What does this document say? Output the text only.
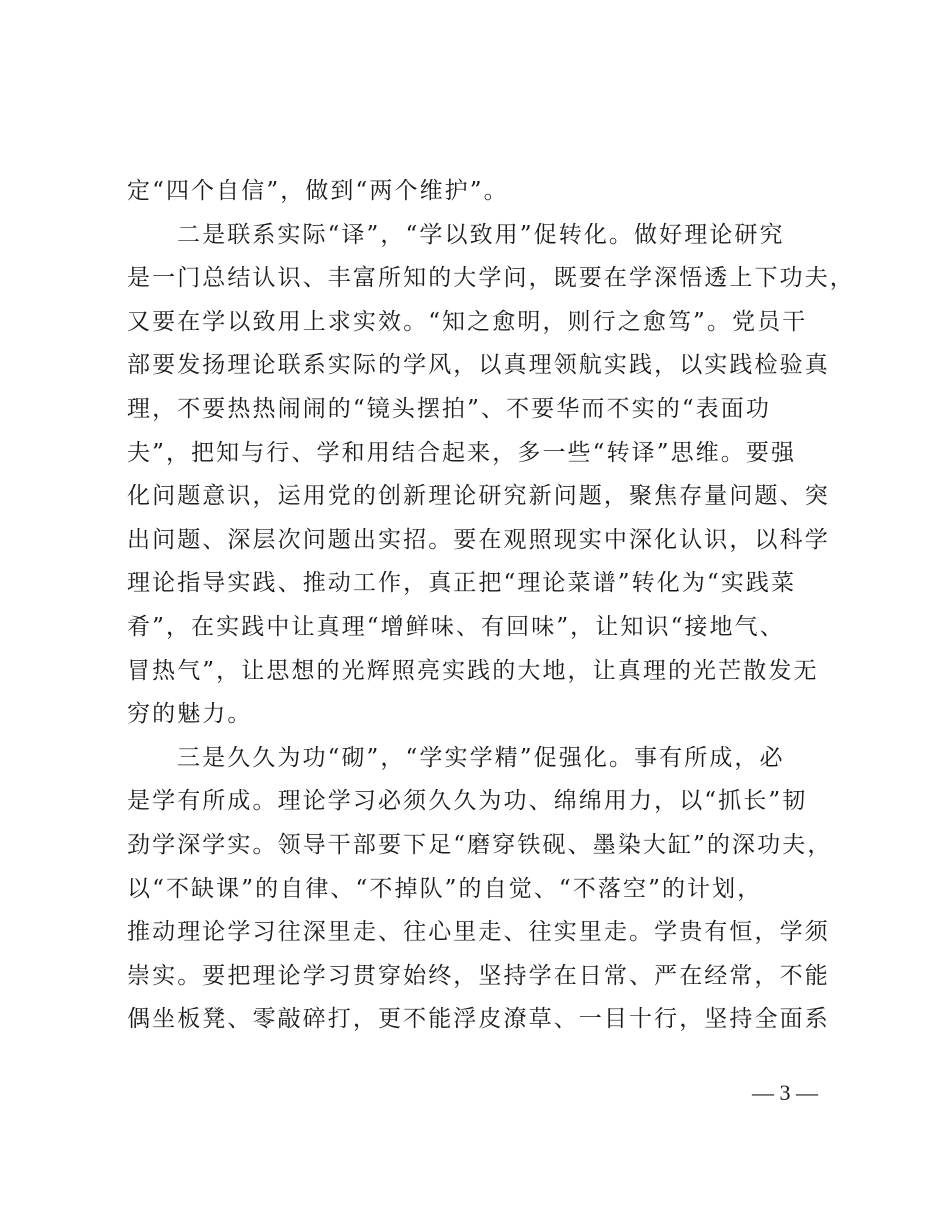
定“四个自信”，做到“两个维护”。
二是联系实际“译”，“学以致用”促转化。做好理论研究
是一门总结认识、丰富所知的大学问，既要在学深悟透上下功夫，
又要在学以致用上求实效。“知之愈明，则行之愈笃”。党员干
部要发扬理论联系实际的学风，以真理领航实践，以实践检验真
理，不要热热闹闹的“镜头摆拍”、不要华而不实的“表面功
夫”，把知与行、学和用结合起来，多一些“转译”思维。要强
化问题意识，运用党的创新理论研究新问题，聚焦存量问题、突
出问题、深层次问题出实招。要在观照现实中深化认识，以科学
理论指导实践、推动工作，真正把“理论菜谱”转化为“实践菜
肴”，在实践中让真理“增鲜味、有回味”，让知识“接地气、
冒热气”，让思想的光辉照亮实践的大地，让真理的光芒散发无
穷的魅力。
三是久久为功“砌”，“学实学精”促强化。事有所成，必
是学有所成。理论学习必须久久为功、绵绵用力，以“抓长”韧
劲学深学实。领导干部要下足“磨穿铁砚、墨染大缸”的深功夫，
以“不缺课”的自律、“不掉队”的自觉、“不落空”的计划，
推动理论学习往深里走、往心里走、往实里走。学贵有恒，学须
崇实。要把理论学习贯穿始终，坚持学在日常、严在经常，不能
偶坐板凳、零敲碎打，更不能浮皮潦草、一目十行，坚持全面系
— 3 —
